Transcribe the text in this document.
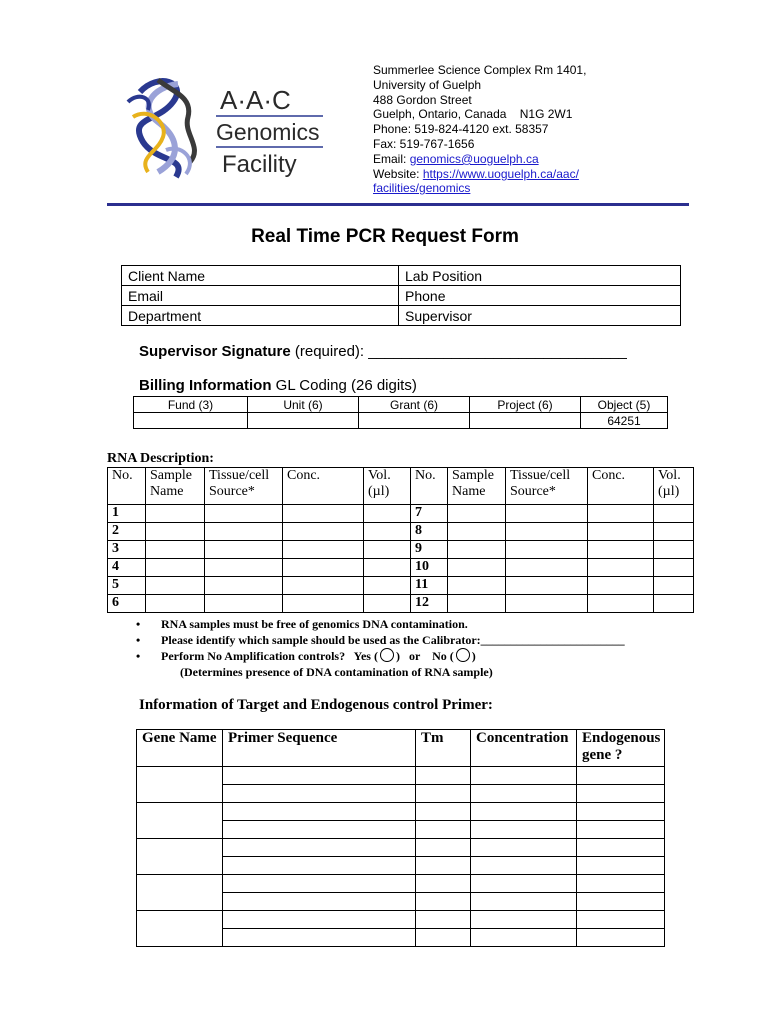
A·A·C
Genomics
Facility
Summerlee Science Complex Rm 1401,
University of Guelph
488 Gordon Street
Guelph, Ontario, Canada    N1G 2W1
Phone: 519-824-4120 ext. 58357
Fax: 519-767-1656
Email: genomics@uoguelph.ca
Website: https://www.uoguelph.ca/aac/
facilities/genomics
Real Time PCR Request Form
Client Name	Lab Position
Email	Phone
Department	Supervisor
Supervisor Signature (required): _______________________________
Billing Information GL Coding (26 digits)
Fund (3)	Unit (6)	Grant (6)	Project (6)	Object (5)
				64251
RNA Description:
No.	Sample Name	Tissue/cell Source*	Conc.	Vol. (µl)	No.	Sample Name	Tissue/cell Source*	Conc.	Vol. (µl)
1					7				
2					8				
3					9				
4					10				
5					11				
6					12				
• RNA samples must be free of genomics DNA contamination.
• Please identify which sample should be used as the Calibrator:________________________
• Perform No Amplification controls?   Yes ( )   or    No ( )
(Determines presence of DNA contamination of RNA sample)
Information of Target and Endogenous control Primer:
Gene Name	Primer Sequence	Tm	Concentration	Endogenous gene ?
